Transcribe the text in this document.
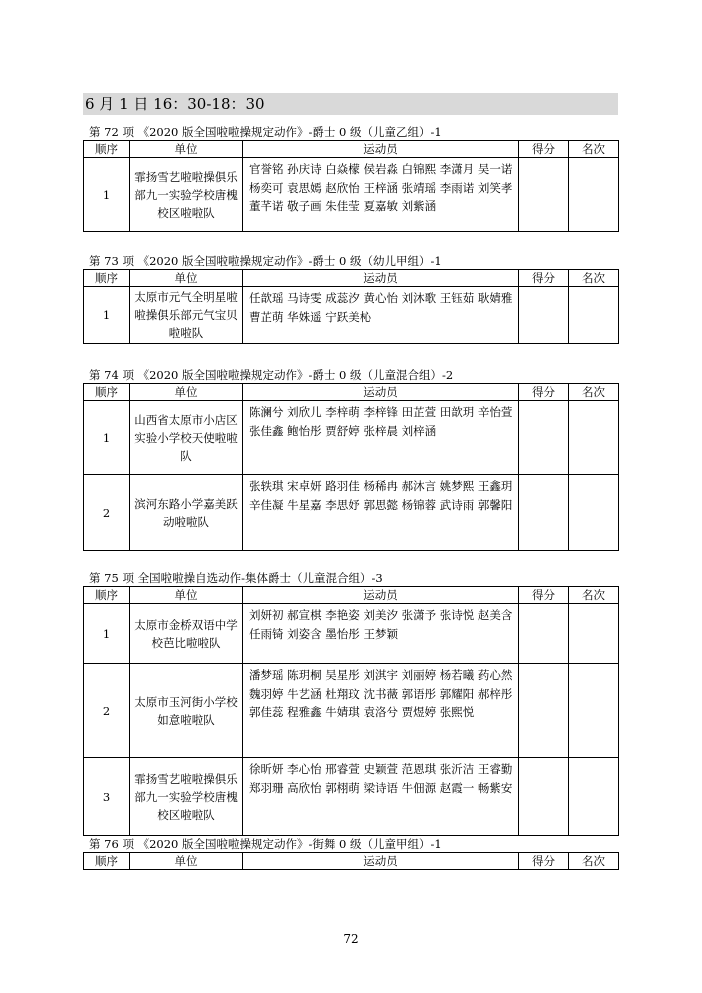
6 月 1 日 16：30-18：30
第 72 项 《2020 版全国啦啦操规定动作》-爵士 0 级（儿童乙组）-1
顺序	单位	运动员	得分	名次
1	霏扬雪艺啦啦操俱乐部九一实验学校唐槐校区啦啦队	官誉铭 孙庆诗 白焱檬 侯岩淼 白锦熙 李潇月 吴一诺 杨奕可 袁思嫣 赵欣怡 王梓涵 张靖瑶 李雨诺 刘笑孝 董芊诺 敬子画 朱佳莹 夏嘉敏 刘紫涵		
第 73 项 《2020 版全国啦啦操规定动作》-爵士 0 级（幼儿甲组）-1
顺序	单位	运动员	得分	名次
1	太原市元气全明星啦啦操俱乐部元气宝贝啦啦队	任歆瑶 马诗雯 成蕊汐 黄心怡 刘沐歌 王钰茹 耿婧雅 曹芷萌 华姝遥 宁跃美杺		
第 74 项 《2020 版全国啦啦操规定动作》-爵士 0 级（儿童混合组）-2
顺序	单位	运动员	得分	名次
1	山西省太原市小店区实验小学校天使啦啦队	陈澜兮 刘欣儿 李梓萌 李梓锋 田芷萱 田歆玥 辛怡萱 张佳鑫 鲍怡彤 贾舒婷 张梓晨 刘梓涵		
2	滨河东路小学嘉美跃动啦啦队	张轶琪 宋卓妍 路羽佳 杨稀冉 郝沐言 姚梦熙 王鑫玥 辛佳凝 牛星嘉 李思妤 郭思懿 杨锦蓉 武诗雨 郭馨阳		
第 75 项 全国啦啦操自选动作-集体爵士（儿童混合组）-3
顺序	单位	运动员	得分	名次
1	太原市金桥双语中学校芭比啦啦队	刘妍初 郝宣棋 李艳姿 刘美汐 张潇予 张诗悦 赵美含 任雨锜 刘姿含 墨怡彤 王梦颖		
2	太原市玉河街小学校如意啦啦队	潘梦瑶 陈玥桐 吴星彤 刘淇宇 刘丽婷 杨若曦 药心然 魏羽婷 牛艺涵 杜翔玟 沈书薇 郭语彤 郭耀阳 郝梓彤 郭佳蕊 程雅鑫 牛婧琪 袁洛兮 贾煜婷 张熙悦		
3	霏扬雪艺啦啦操俱乐部九一实验学校唐槐校区啦啦队	徐昕妍 李心怡 邢睿萱 史颖萱 范恩琪 张沂洁 王睿勤 郑羽珊 高欣怡 郭栩萌 梁诗语 牛佃源 赵霞一 畅紫安		
第 76 项 《2020 版全国啦啦操规定动作》-街舞 0 级（儿童甲组）-1
顺序	单位	运动员	得分	名次
72
